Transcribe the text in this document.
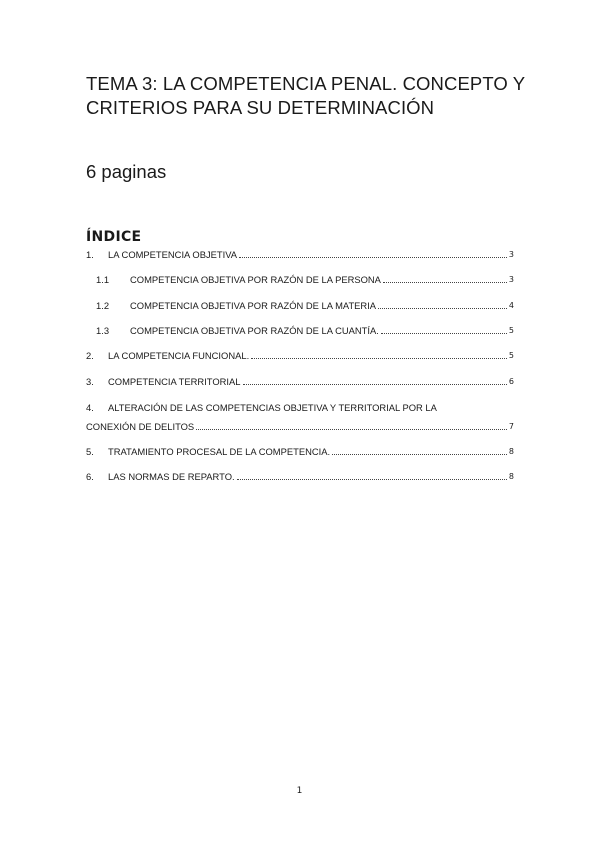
TEMA 3: LA COMPETENCIA PENAL. CONCEPTO Y CRITERIOS PARA SU DETERMINACIÓN

6 paginas

ÍNDICE
1.	LA COMPETENCIA OBJETIVA	3
1.1	COMPETENCIA OBJETIVA POR RAZÓN DE LA PERSONA	3
1.2	COMPETENCIA OBJETIVA POR RAZÓN DE LA MATERIA	4
1.3	COMPETENCIA OBJETIVA POR RAZÓN DE LA CUANTÍA.	5
2.	LA COMPETENCIA FUNCIONAL.	5
3.	COMPETENCIA TERRITORIAL	6
4. ALTERACIÓN DE LAS COMPETENCIAS OBJETIVA Y TERRITORIAL POR LA
CONEXIÓN DE DELITOS	7
5.	TRATAMIENTO PROCESAL DE LA COMPETENCIA.	8
6.	LAS NORMAS DE REPARTO.	8

1
